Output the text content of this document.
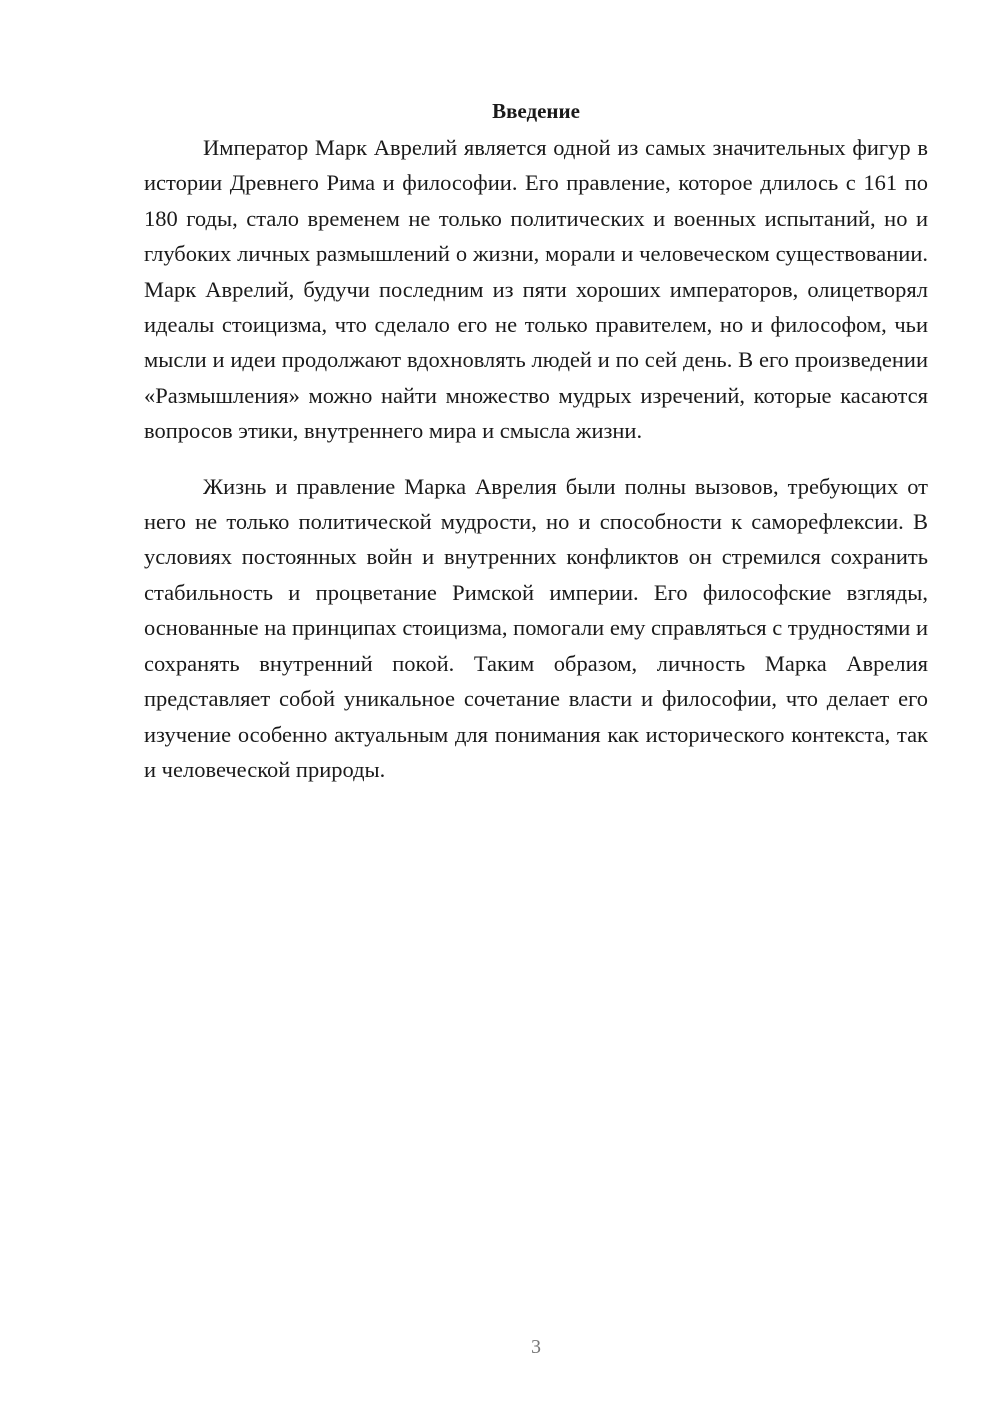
Введение

Император Марк Аврелий является одной из самых значительных фигур в истории Древнего Рима и философии. Его правление, которое длилось с 161 по 180 годы, стало временем не только политических и военных испытаний, но и глубоких личных размышлений о жизни, морали и человеческом существовании. Марк Аврелий, будучи последним из пяти хороших императоров, олицетворял идеалы стоицизма, что сделало его не только правителем, но и философом, чьи мысли и идеи продолжают вдохновлять людей и по сей день. В его произведении «Размышления» можно найти множество мудрых изречений, которые касаются вопросов этики, внутреннего мира и смысла жизни.

Жизнь и правление Марка Аврелия были полны вызовов, требующих от него не только политической мудрости, но и способности к саморефлексии. В условиях постоянных войн и внутренних конфликтов он стремился сохранить стабильность и процветание Римской империи. Его философские взгляды, основанные на принципах стоицизма, помогали ему справляться с трудностями и сохранять внутренний покой. Таким образом, личность Марка Аврелия представляет собой уникальное сочетание власти и философии, что делает его изучение особенно актуальным для понимания как исторического контекста, так и человеческой природы.

3
